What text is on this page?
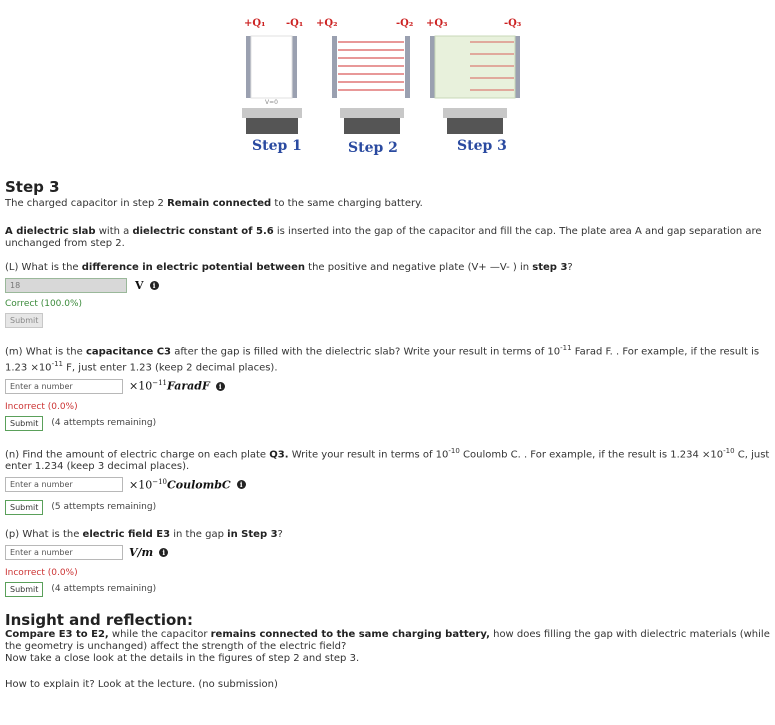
V=0
+Q₁ -Q₁ +Q₂	-Q₂ +Q₃	-Q₃
Step 1	Step 2	Step 3
Step 3

The charged capacitor in step 2 Remain connected to the same charging battery.

A dielectric slab with a dielectric constant of 5.6 is inserted into the gap of the capacitor and fill the cap. The plate area A and gap separation are unchanged from step 2.

(L) What is the difference in electric potential between the positive and negative plate (V+ —V- ) in step 3?

18	V	i
Correct (100.0%)
Submit

(m) What is the capacitance C3 after the gap is filled with the dielectric slab? Write your result in terms of $10^{-11}$ Farad F. . For example, if the result is $1.23 \times 10^{-11}$ F, just enter 1.23 (keep 2 decimal places).

Enter a number	$\times 10^{-11}FaradF$	i
Incorrect (0.0%)
Submit	(4 attempts remaining)

(n) Find the amount of electric charge on each plate Q3. Write your result in terms of $10^{-10}$ Coulomb C. . For example, if the result is $1.234 \times 10^{-10}$ C, just enter 1.234 (keep 3 decimal places).

Enter a number	$\times 10^{-10}CoulombC$	i
Submit	(5 attempts remaining)

(p) What is the electric field E3 in the gap in Step 3?

Enter a number	V/m	i
Incorrect (0.0%)
Submit	(4 attempts remaining)
Insight and reflection:

Compare E3 to E2, while the capacitor remains connected to the same charging battery, how does filling the gap with dielectric materials (while the geometry is unchanged) affect the strength of the electric field?

Now take a close look at the details in the figures of step 2 and step 3.

How to explain it? Look at the lecture. (no submission)
